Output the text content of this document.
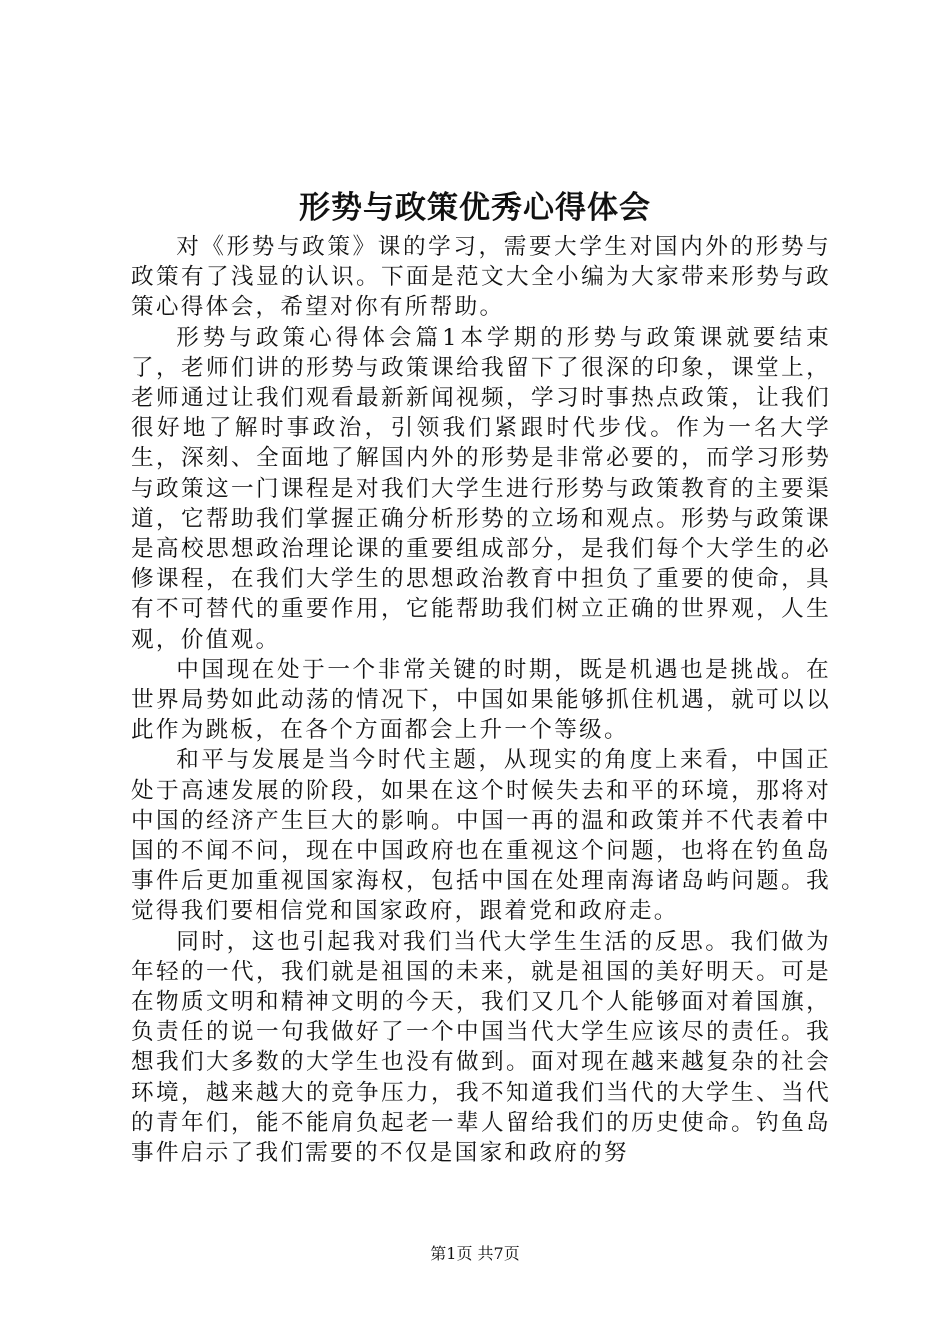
形势与政策优秀心得体会

对《形势与政策》课的学习，需要大学生对国内外的形势与政策有了浅显的认识。下面是范文大全小编为大家带来形势与政策心得体会，希望对你有所帮助。

形势与政策心得体会篇1本学期的形势与政策课就要结束了，老师们讲的形势与政策课给我留下了很深的印象，课堂上，老师通过让我们观看最新新闻视频，学习时事热点政策，让我们很好地了解时事政治，引领我们紧跟时代步伐。作为一名大学生，深刻、全面地了解国内外的形势是非常必要的，而学习形势与政策这一门课程是对我们大学生进行形势与政策教育的主要渠道，它帮助我们掌握正确分析形势的立场和观点。形势与政策课是高校思想政治理论课的重要组成部分，是我们每个大学生的必修课程，在我们大学生的思想政治教育中担负了重要的使命，具有不可替代的重要作用，它能帮助我们树立正确的世界观，人生观，价值观。

中国现在处于一个非常关键的时期，既是机遇也是挑战。在世界局势如此动荡的情况下，中国如果能够抓住机遇，就可以以此作为跳板，在各个方面都会上升一个等级。

和平与发展是当今时代主题，从现实的角度上来看，中国正处于高速发展的阶段，如果在这个时候失去和平的环境，那将对中国的经济产生巨大的影响。中国一再的温和政策并不代表着中国的不闻不问，现在中国政府也在重视这个问题，也将在钓鱼岛事件后更加重视国家海权，包括中国在处理南海诸岛屿问题。我觉得我们要相信党和国家政府，跟着党和政府走。

同时，这也引起我对我们当代大学生生活的反思。我们做为年轻的一代，我们就是祖国的未来，就是祖国的美好明天。可是在物质文明和精神文明的今天，我们又几个人能够面对着国旗，负责任的说一句我做好了一个中国当代大学生应该尽的责任。我想我们大多数的大学生也没有做到。面对现在越来越复杂的社会环境，越来越大的竞争压力，我不知道我们当代的大学生、当代的青年们，能不能肩负起老一辈人留给我们的历史使命。钓鱼岛事件启示了我们需要的不仅是国家和政府的努

第1页 共7页
